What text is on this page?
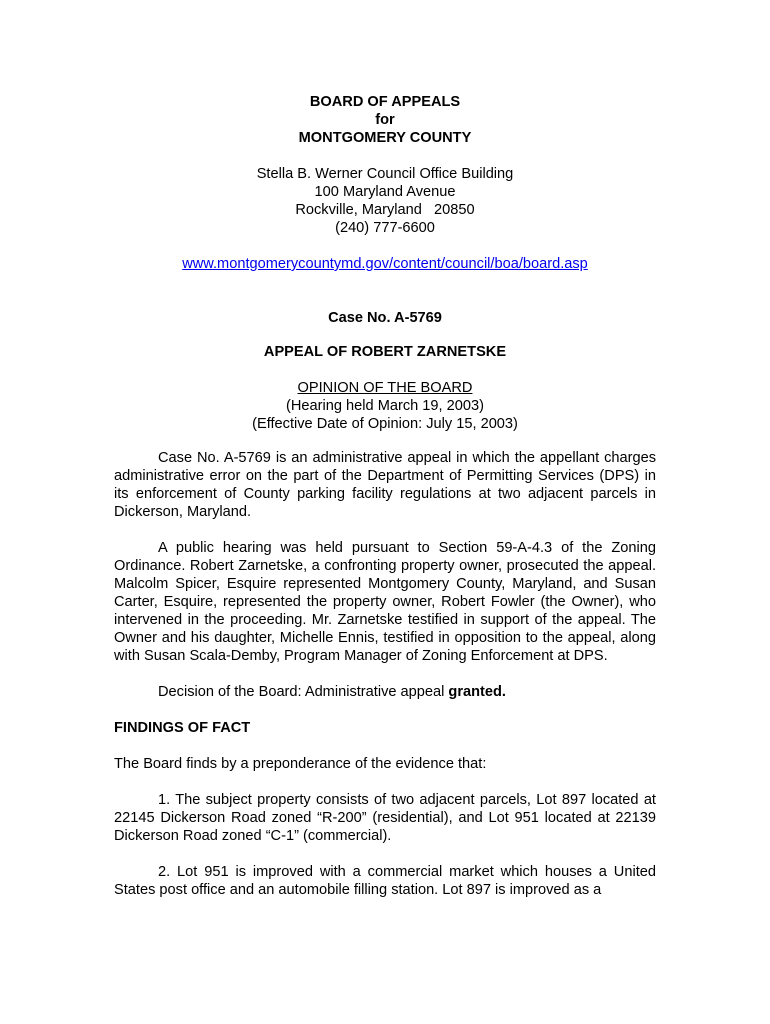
BOARD OF APPEALS
for
MONTGOMERY COUNTY
Stella B. Werner Council Office Building
100 Maryland Avenue
Rockville, Maryland   20850
(240) 777-6600
www.montgomerycountymd.gov/content/council/boa/board.asp
Case No. A-5769
APPEAL OF ROBERT ZARNETSKE
OPINION OF THE BOARD
(Hearing held March 19, 2003)
(Effective Date of Opinion: July 15, 2003)

Case No. A-5769 is an administrative appeal in which the appellant charges administrative error on the part of the Department of Permitting Services (DPS) in its enforcement of County parking facility regulations at two adjacent parcels in Dickerson, Maryland.

A public hearing was held pursuant to Section 59-A-4.3 of the Zoning Ordinance. Robert Zarnetske, a confronting property owner, prosecuted the appeal. Malcolm Spicer, Esquire represented Montgomery County, Maryland, and Susan Carter, Esquire, represented the property owner, Robert Fowler (the Owner), who intervened in the proceeding. Mr. Zarnetske testified in support of the appeal. The Owner and his daughter, Michelle Ennis, testified in opposition to the appeal, along with Susan Scala-Demby, Program Manager of Zoning Enforcement at DPS.

Decision of the Board: Administrative appeal granted.

FINDINGS OF FACT
The Board finds by a preponderance of the evidence that:

1. The subject property consists of two adjacent parcels, Lot 897 located at 22145 Dickerson Road zoned “R-200” (residential), and Lot 951 located at 22139 Dickerson Road zoned “C-1” (commercial).

2. Lot 951 is improved with a commercial market which houses a United States post office and an automobile filling station. Lot 897 is improved as a
